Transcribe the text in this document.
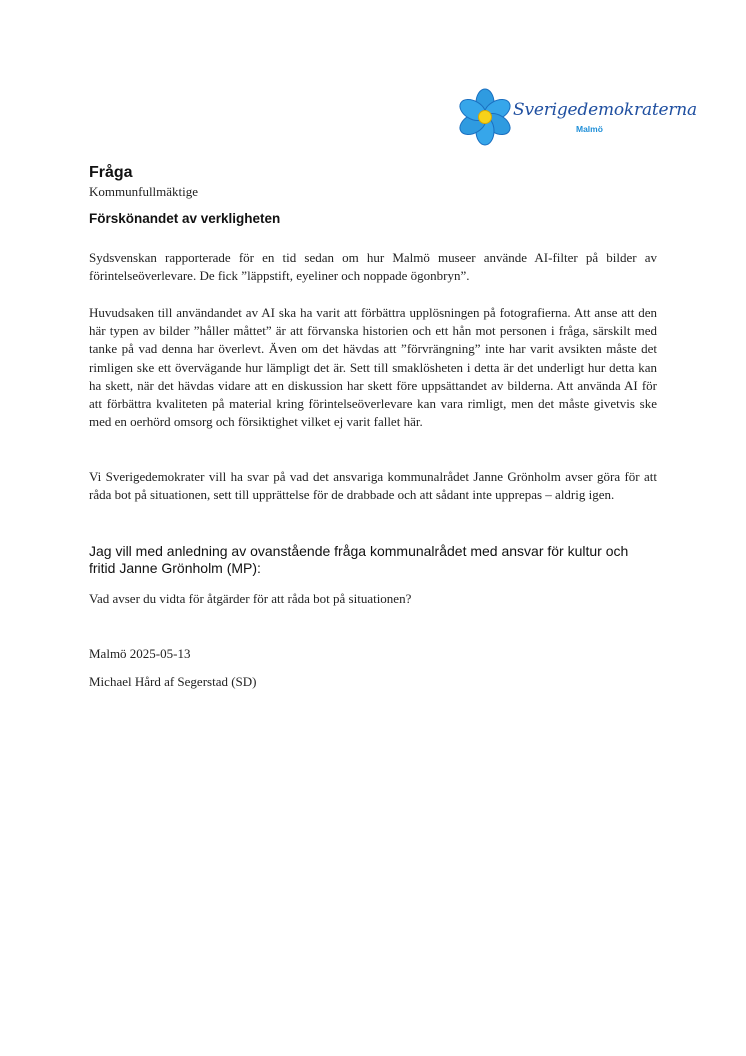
Sverigedemokraterna
Malmö
Fråga
Kommunfullmäktige
Förskönandet av verkligheten

Sydsvenskan rapporterade för en tid sedan om hur Malmö museer använde AI-filter på bilder av förintelseöverlevare. De fick ”läppstift, eyeliner och noppade ögonbryn”.

Huvudsaken till användandet av AI ska ha varit att förbättra upplösningen på fotografierna. Att anse att den här typen av bilder ”håller måttet” är att förvanska historien och ett hån mot personen i fråga, särskilt med tanke på vad denna har överlevt. Även om det hävdas att ”förvrängning” inte har varit avsikten måste det rimligen ske ett övervägande hur lämpligt det är. Sett till smaklösheten i detta är det underligt hur detta kan ha skett, när det hävdas vidare att en diskussion har skett före uppsättandet av bilderna. Att använda AI för att förbättra kvaliteten på material kring förintelseöverlevare kan vara rimligt, men det måste givetvis ske med en oerhörd omsorg och försiktighet vilket ej varit fallet här.

Vi Sverigedemokrater vill ha svar på vad det ansvariga kommunalrådet Janne Grönholm avser göra för att råda bot på situationen, sett till upprättelse för de drabbade och att sådant inte upprepas – aldrig igen.

Jag vill med anledning av ovanstående fråga kommunalrådet med ansvar för kultur och fritid Janne Grönholm (MP):
Vad avser du vidta för åtgärder för att råda bot på situationen?
Malmö 2025-05-13
Michael Hård af Segerstad (SD)
